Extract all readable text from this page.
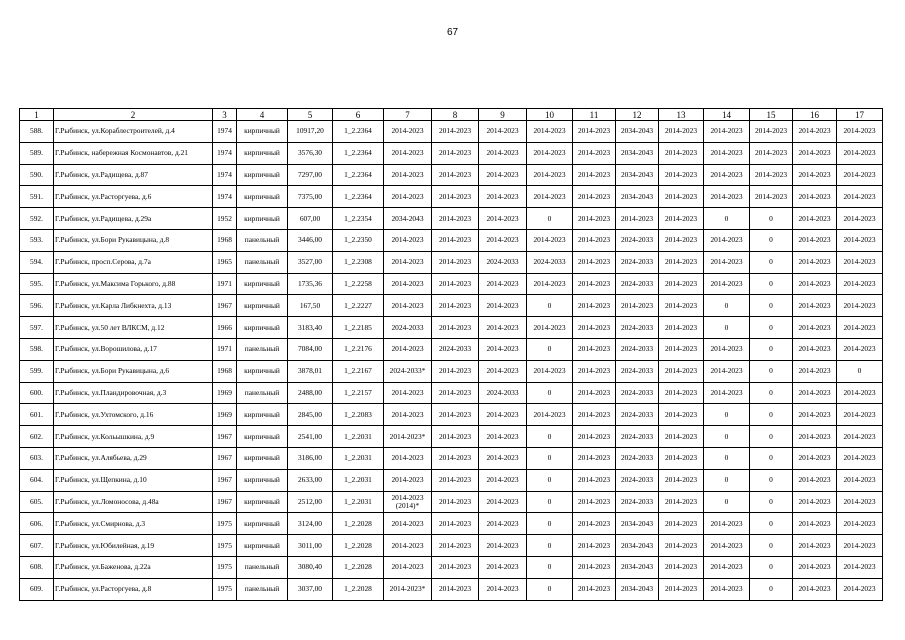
67
1	2	3	4	5	6	7	8	9	10	11	12	13	14	15	16	17
588.	Г.Рыбинск, ул.Кораблестроителей, д.4	1974	кирпичный	10917,20	1_2.2364	2014-2023	2014-2023	2014-2023	2014-2023	2014-2023	2034-2043	2014-2023	2014-2023	2014-2023	2014-2023	2014-2023
589.	Г.Рыбинск, набережная Космонавтов, д.21	1974	кирпичный	3576,30	1_2.2364	2014-2023	2014-2023	2014-2023	2014-2023	2014-2023	2034-2043	2014-2023	2014-2023	2014-2023	2014-2023	2014-2023
590.	Г.Рыбинск, ул.Радищева, д.87	1974	кирпичный	7297,00	1_2.2364	2014-2023	2014-2023	2014-2023	2014-2023	2014-2023	2034-2043	2014-2023	2014-2023	2014-2023	2014-2023	2014-2023
591.	Г.Рыбинск, ул.Расторгуева, д.6	1974	кирпичный	7375,00	1_2.2364	2014-2023	2014-2023	2014-2023	2014-2023	2014-2023	2034-2043	2014-2023	2014-2023	2014-2023	2014-2023	2014-2023
592.	Г.Рыбинск, ул.Радищева, д.29а	1952	кирпичный	607,00	1_2.2354	2034-2043	2014-2023	2014-2023	0	2014-2023	2014-2023	2014-2023	0	0	2014-2023	2014-2023
593.	Г.Рыбинск, ул.Бори Рукавицына, д.8	1968	панельный	3446,00	1_2.2350	2014-2023	2014-2023	2014-2023	2014-2023	2014-2023	2024-2033	2014-2023	2014-2023	0	2014-2023	2014-2023
594.	Г.Рыбинск, просп.Серова, д.7а	1965	панельный	3527,00	1_2.2308	2014-2023	2014-2023	2024-2033	2024-2033	2014-2023	2024-2033	2014-2023	2014-2023	0	2014-2023	2014-2023
595.	Г.Рыбинск, ул.Максима Горького, д.88	1971	кирпичный	1735,36	1_2.2258	2014-2023	2014-2023	2014-2023	2014-2023	2014-2023	2024-2033	2014-2023	2014-2023	0	2014-2023	2014-2023
596.	Г.Рыбинск, ул.Карла Либкнехта, д.13	1967	кирпичный	167,50	1_2.2227	2014-2023	2014-2023	2014-2023	0	2014-2023	2014-2023	2014-2023	0	0	2014-2023	2014-2023
597.	Г.Рыбинск, ул.50 лет ВЛКСМ, д.12	1966	кирпичный	3183,40	1_2.2185	2024-2033	2014-2023	2014-2023	2014-2023	2014-2023	2024-2033	2014-2023	0	0	2014-2023	2014-2023
598.	Г.Рыбинск, ул.Ворошилова, д.17	1971	панельный	7084,00	1_2.2176	2014-2023	2024-2033	2014-2023	0	2014-2023	2024-2033	2014-2023	2014-2023	0	2014-2023	2014-2023
599.	Г.Рыбинск, ул.Бори Рукавицына, д.6	1968	кирпичный	3878,01	1_2.2167	2024-2033*	2014-2023	2014-2023	2014-2023	2014-2023	2024-2033	2014-2023	2014-2023	0	2014-2023	0
600.	Г.Рыбинск, ул.Пландировочная, д.3	1969	панельный	2488,00	1_2.2157	2014-2023	2014-2023	2024-2033	0	2014-2023	2024-2033	2014-2023	2014-2023	0	2014-2023	2014-2023
601.	Г.Рыбинск, ул.Ухтомского, д.16	1969	кирпичный	2845,00	1_2.2083	2014-2023	2014-2023	2014-2023	2014-2023	2014-2023	2024-2033	2014-2023	0	0	2014-2023	2014-2023
602.	Г.Рыбинск, ул.Кольышкина, д.9	1967	кирпичный	2541,00	1_2.2031	2014-2023*	2014-2023	2014-2023	0	2014-2023	2024-2033	2014-2023	0	0	2014-2023	2014-2023
603.	Г.Рыбинск, ул.Алябьева, д.29	1967	кирпичный	3186,00	1_2.2031	2014-2023	2014-2023	2014-2023	0	2014-2023	2024-2033	2014-2023	0	0	2014-2023	2014-2023
604.	Г.Рыбинск, ул.Щепкина, д.10	1967	кирпичный	2633,00	1_2.2031	2014-2023	2014-2023	2014-2023	0	2014-2023	2024-2033	2014-2023	0	0	2014-2023	2014-2023
605.	Г.Рыбинск, ул.Ломоносова, д.48а	1967	кирпичный	2512,00	1_2.2031	2014-2023 (2014)*	2014-2023	2014-2023	0	2014-2023	2024-2033	2014-2023	0	0	2014-2023	2014-2023
606.	Г.Рыбинск, ул.Смирнова, д.3	1975	кирпичный	3124,00	1_2.2028	2014-2023	2014-2023	2014-2023	0	2014-2023	2034-2043	2014-2023	2014-2023	0	2014-2023	2014-2023
607.	Г.Рыбинск, ул.Юбилейная, д.19	1975	кирпичный	3011,00	1_2.2028	2014-2023	2014-2023	2014-2023	0	2014-2023	2034-2043	2014-2023	2014-2023	0	2014-2023	2014-2023
608.	Г.Рыбинск, ул.Баженова, д.22а	1975	панельный	3080,40	1_2.2028	2014-2023	2014-2023	2014-2023	0	2014-2023	2034-2043	2014-2023	2014-2023	0	2014-2023	2014-2023
609.	Г.Рыбинск, ул.Расторгуева, д.8	1975	панельный	3037,00	1_2.2028	2014-2023*	2014-2023	2014-2023	0	2014-2023	2034-2043	2014-2023	2014-2023	0	2014-2023	2014-2023
